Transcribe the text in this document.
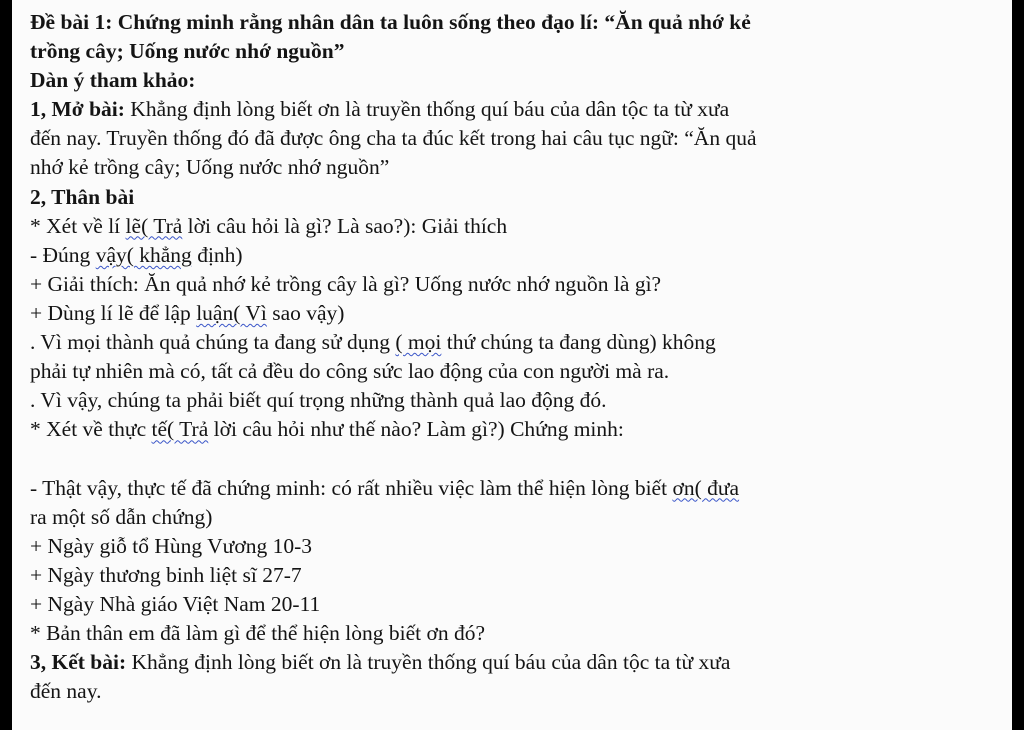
Đề bài 1: Chứng minh rằng nhân dân ta luôn sống theo đạo lí: “Ăn quả nhớ kẻ
trồng cây; Uống nước nhớ nguồn”
Dàn ý tham khảo:
1, Mở bài: Khẳng định lòng biết ơn là truyền thống quí báu của dân tộc ta từ xưa
đến nay. Truyền thống đó đã được ông cha ta đúc kết trong hai câu tục ngữ: “Ăn quả
nhớ kẻ trồng cây; Uống nước nhớ nguồn”
2, Thân bài
* Xét về lí lẽ( Trả lời câu hỏi là gì? Là sao?): Giải thích
- Đúng vậy( khẳng định)
+ Giải thích: Ăn quả nhớ kẻ trồng cây là gì? Uống nước nhớ nguồn là gì?
+ Dùng lí lẽ để lập luận( Vì sao vậy)
. Vì mọi thành quả chúng ta đang sử dụng ( mọi thứ chúng ta đang dùng) không
phải tự nhiên mà có, tất cả đều do công sức lao động của con người mà ra.
. Vì vậy, chúng ta phải biết quí trọng những thành quả lao động đó.
* Xét về thực tế( Trả lời câu hỏi như thế nào? Làm gì?) Chứng minh:
- Thật vậy, thực tế đã chứng minh: có rất nhiều việc làm thể hiện lòng biết ơn( đưa
ra một số dẫn chứng)
+ Ngày giỗ tổ Hùng Vương 10-3
+ Ngày thương binh liệt sĩ 27-7
+ Ngày Nhà giáo Việt Nam 20-11
* Bản thân em đã làm gì để thể hiện lòng biết ơn đó?
3, Kết bài: Khẳng định lòng biết ơn là truyền thống quí báu của dân tộc ta từ xưa
đến nay.
